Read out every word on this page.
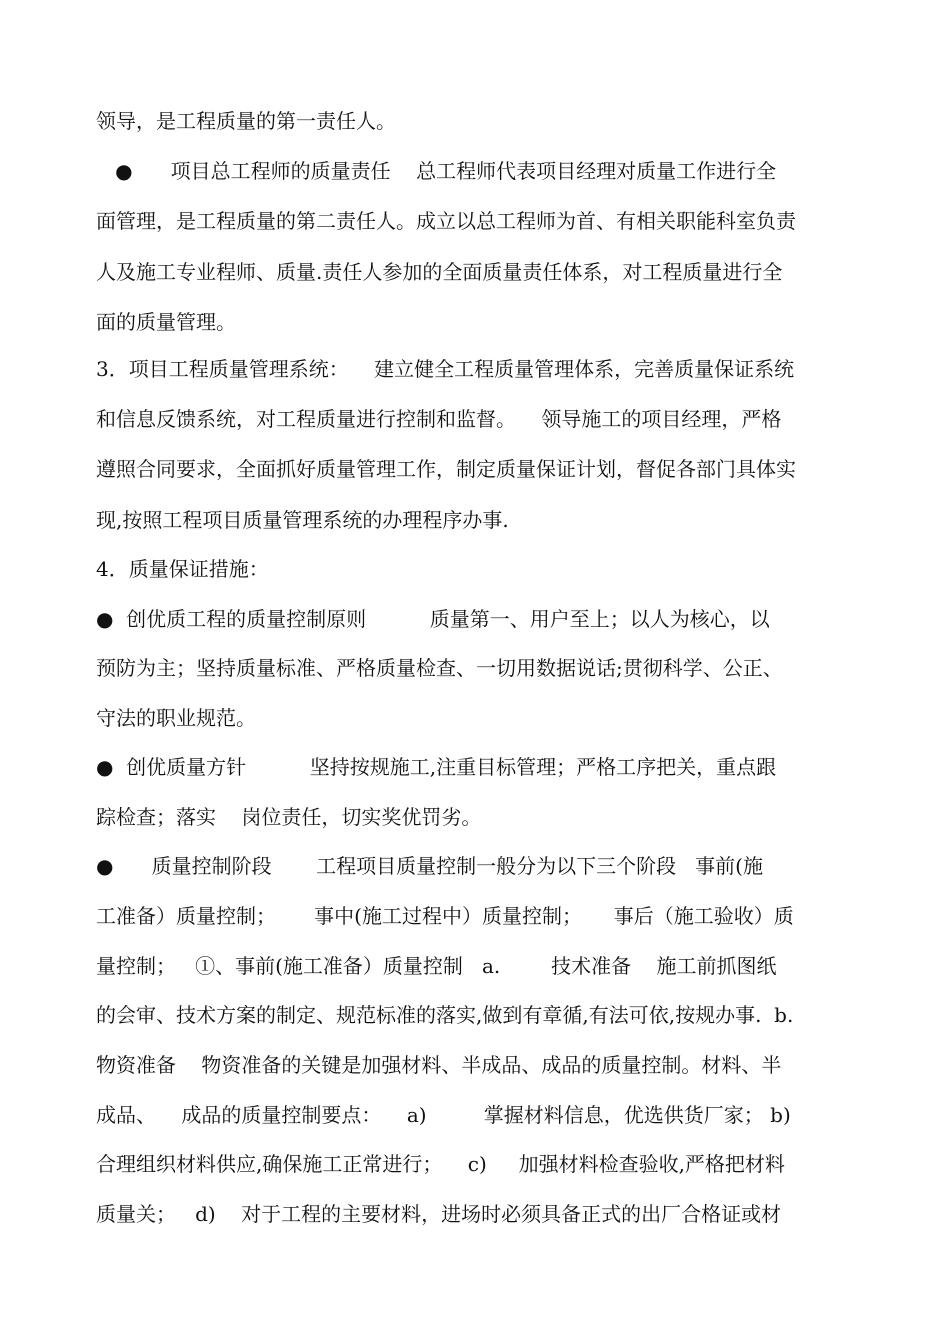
领导，是工程质量的第一责任人。
●      项目总工程师的质量责任    总工程师代表项目经理对质量工作进行全
面管理，是工程质量的第二责任人。成立以总工程师为首、有相关职能科室负责
人及施工专业程师、质量.责任人参加的全面质量责任体系，对工程质量进行全
面的质量管理。
3．项目工程质量管理系统：    建立健全工程质量管理体系，完善质量保证系统
和信息反馈系统，对工程质量进行控制和监督。    领导施工的项目经理，严格
遵照合同要求，全面抓好质量管理工作，制定质量保证计划，督促各部门具体实
现,按照工程项目质量管理系统的办理程序办事.
4．质量保证措施：
●  创优质工程的质量控制原则          质量第一、用户至上；以人为核心，以
预防为主；坚持质量标准、严格质量检查、一切用数据说话;贯彻科学、公正、
守法的职业规范。
●  创优质量方针          坚持按规施工,注重目标管理；严格工序把关，重点跟
踪检查；落实    岗位责任，切实奖优罚劣。
●      质量控制阶段       工程项目质量控制一般分为以下三个阶段   事前(施
工准备）质量控制；      事中(施工过程中）质量控制；     事后（施工验收）质
量控制；   ①、事前(施工准备）质量控制   a.        技术准备    施工前抓图纸
的会审、技术方案的制定、规范标准的落实,做到有章循,有法可依,按规办事.  b.
物资准备    物资准备的关键是加强材料、半成品、成品的质量控制。材料、半
成品、    成品的质量控制要点：    a)         掌握材料信息，优选供货厂家； b)
合理组织材料供应,确保施工正常进行；    c)     加强材料检查验收,严格把材料
质量关；   d)    对于工程的主要材料，进场时必须具备正式的出厂合格证或材
